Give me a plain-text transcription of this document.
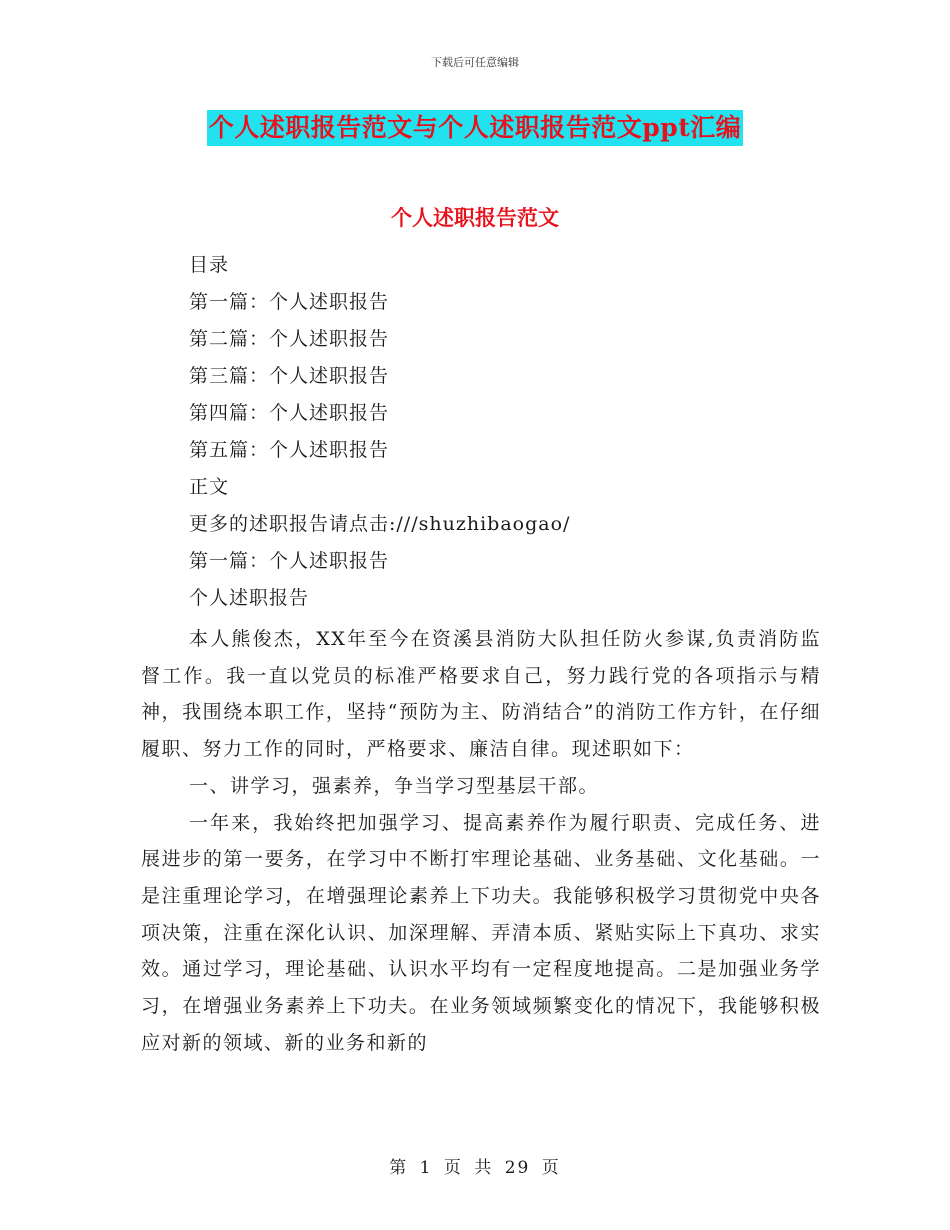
下载后可任意编辑
个人述职报告范文与个人述职报告范文ppt汇编
个人述职报告范文
目录
第一篇：个人述职报告
第二篇：个人述职报告
第三篇：个人述职报告
第四篇：个人述职报告
第五篇：个人述职报告
正文
更多的述职报告请点击:///shuzhibaogao/
第一篇：个人述职报告
个人述职报告

本人熊俊杰，XX年至今在资溪县消防大队担任防火参谋,负责消防监督工作。我一直以党员的标准严格要求自己，努力践行党的各项指示与精神，我围绕本职工作，坚持“预防为主、防消结合”的消防工作方针，在仔细履职、努力工作的同时，严格要求、廉洁自律。现述职如下：

一、讲学习，强素养，争当学习型基层干部。

一年来，我始终把加强学习、提高素养作为履行职责、完成任务、进展进步的第一要务，在学习中不断打牢理论基础、业务基础、文化基础。一是注重理论学习，在增强理论素养上下功夫。我能够积极学习贯彻党中央各项决策，注重在深化认识、加深理解、弄清本质、紧贴实际上下真功、求实效。通过学习，理论基础、认识水平均有一定程度地提高。二是加强业务学习，在增强业务素养上下功夫。在业务领域频繁变化的情况下，我能够积极应对新的领域、新的业务和新的

第 1 页 共 29 页
